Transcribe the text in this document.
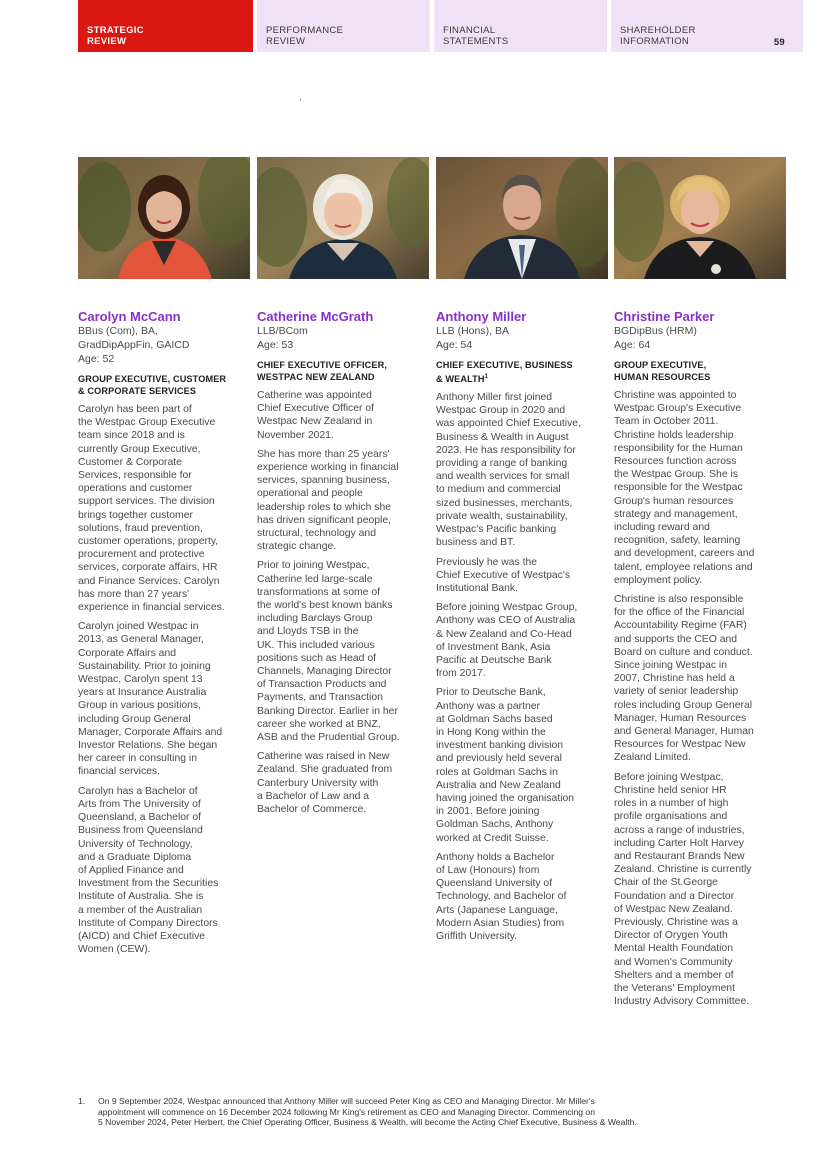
STRATEGIC
REVIEW
PERFORMANCE
REVIEW
FINANCIAL
STATEMENTS
SHAREHOLDER
INFORMATION	59
Carolyn McCann
BBus (Com), BA,
GradDipAppFin, GAICD
Age: 52
GROUP EXECUTIVE, CUSTOMER
& CORPORATE SERVICES

Carolyn has been part of
the Westpac Group Executive
team since 2018 and is
currently Group Executive,
Customer & Corporate
Services, responsible for
operations and customer
support services. The division
brings together customer
solutions, fraud prevention,
customer operations, property,
procurement and protective
services, corporate affairs, HR
and Finance Services. Carolyn
has more than 27 years'
experience in financial services.

Carolyn joined Westpac in
2013, as General Manager,
Corporate Affairs and
Sustainability. Prior to joining
Westpac, Carolyn spent 13
years at Insurance Australia
Group in various positions,
including Group General
Manager, Corporate Affairs and
Investor Relations. She began
her career in consulting in
financial services.

Carolyn has a Bachelor of
Arts from The University of
Queensland, a Bachelor of
Business from Queensland
University of Technology,
and a Graduate Diploma
of Applied Finance and
Investment from the Securities
Institute of Australia. She is
a member of the Australian
Institute of Company Directors
(AICD) and Chief Executive
Women (CEW).

Catherine McGrath
LLB/BCom
Age: 53
CHIEF EXECUTIVE OFFICER,
WESTPAC NEW ZEALAND

Catherine was appointed
Chief Executive Officer of
Westpac New Zealand in
November 2021.

She has more than 25 years'
experience working in financial
services, spanning business,
operational and people
leadership roles to which she
has driven significant people,
structural, technology and
strategic change.

Prior to joining Westpac,
Catherine led large-scale
transformations at some of
the world's best known banks
including Barclays Group
and Lloyds TSB in the
UK. This included various
positions such as Head of
Channels, Managing Director
of Transaction Products and
Payments, and Transaction
Banking Director. Earlier in her
career she worked at BNZ,
ASB and the Prudential Group.

Catherine was raised in New
Zealand. She graduated from
Canterbury University with
a Bachelor of Law and a
Bachelor of Commerce.

Anthony Miller
LLB (Hons), BA
Age: 54
CHIEF EXECUTIVE, BUSINESS
& WEALTH$^1$

Anthony Miller first joined
Westpac Group in 2020 and
was appointed Chief Executive,
Business & Wealth in August
2023. He has responsibility for
providing a range of banking
and wealth services for small
to medium and commercial
sized businesses, merchants,
private wealth, sustainability,
Westpac's Pacific banking
business and BT.

Previously he was the
Chief Executive of Westpac's
Institutional Bank.

Before joining Westpac Group,
Anthony was CEO of Australia
& New Zealand and Co-Head
of Investment Bank, Asia
Pacific at Deutsche Bank
from 2017.

Prior to Deutsche Bank,
Anthony was a partner
at Goldman Sachs based
in Hong Kong within the
investment banking division
and previously held several
roles at Goldman Sachs in
Australia and New Zealand
having joined the organisation
in 2001. Before joining
Goldman Sachs, Anthony
worked at Credit Suisse.

Anthony holds a Bachelor
of Law (Honours) from
Queensland University of
Technology, and Bachelor of
Arts (Japanese Language,
Modern Asian Studies) from
Griffith University.

Christine Parker
BGDipBus (HRM)
Age: 64
GROUP EXECUTIVE,
HUMAN RESOURCES

Christine was appointed to
Westpac Group's Executive
Team in October 2011.
Christine holds leadership
responsibility for the Human
Resources function across
the Westpac Group. She is
responsible for the Westpac
Group's human resources
strategy and management,
including reward and
recognition, safety, learning
and development, careers and
talent, employee relations and
employment policy.

Christine is also responsible
for the office of the Financial
Accountability Regime (FAR)
and supports the CEO and
Board on culture and conduct.
Since joining Westpac in
2007, Christine has held a
variety of senior leadership
roles including Group General
Manager, Human Resources
and General Manager, Human
Resources for Westpac New
Zealand Limited.

Before joining Westpac,
Christine held senior HR
roles in a number of high
profile organisations and
across a range of industries,
including Carter Holt Harvey
and Restaurant Brands New
Zealand. Christine is currently
Chair of the St.George
Foundation and a Director
of Westpac New Zealand.
Previously, Christine was a
Director of Orygen Youth
Mental Health Foundation
and Women's Community
Shelters and a member of
the Veterans' Employment
Industry Advisory Committee.

1. On 9 September 2024, Westpac announced that Anthony Miller will succeed Peter King as CEO and Managing Director. Mr Miller's
appointment will commence on 16 December 2024 following Mr King's retirement as CEO and Managing Director. Commencing on
5 November 2024, Peter Herbert, the Chief Operating Officer, Business & Wealth, will become the Acting Chief Executive, Business & Wealth.
